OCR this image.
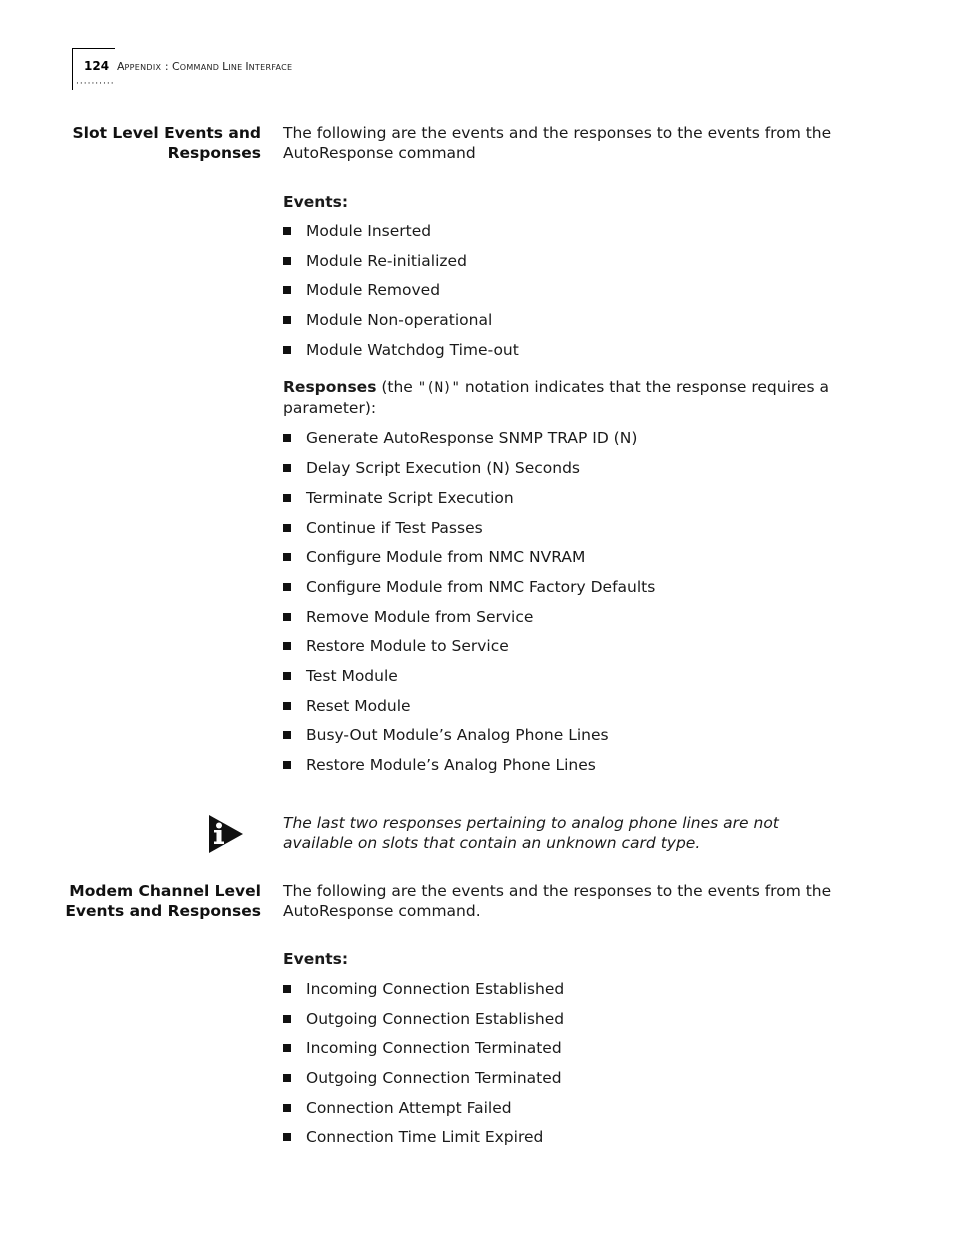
··········
124 APPENDIX : COMMAND LINE INTERFACE
Slot Level Events and
Responses

The following are the events and the responses to the events from the AutoResponse command

Events:

Module Inserted
Module Re-initialized
Module Removed
Module Non-operational
Module Watchdog Time-out

Responses (the "(N)" notation indicates that the response requires a parameter):

Generate AutoResponse SNMP TRAP ID (N)
Delay Script Execution (N) Seconds
Terminate Script Execution
Continue if Test Passes
Configure Module from NMC NVRAM
Configure Module from NMC Factory Defaults
Remove Module from Service
Restore Module to Service
Test Module
Reset Module
Busy-Out Module’s Analog Phone Lines
Restore Module’s Analog Phone Lines
The last two responses pertaining to analog phone lines are not available on slots that contain an unknown card type.
Modem Channel Level
Events and Responses

The following are the events and the responses to the events from the AutoResponse command.

Events:

Incoming Connection Established
Outgoing Connection Established
Incoming Connection Terminated
Outgoing Connection Terminated
Connection Attempt Failed
Connection Time Limit Expired
